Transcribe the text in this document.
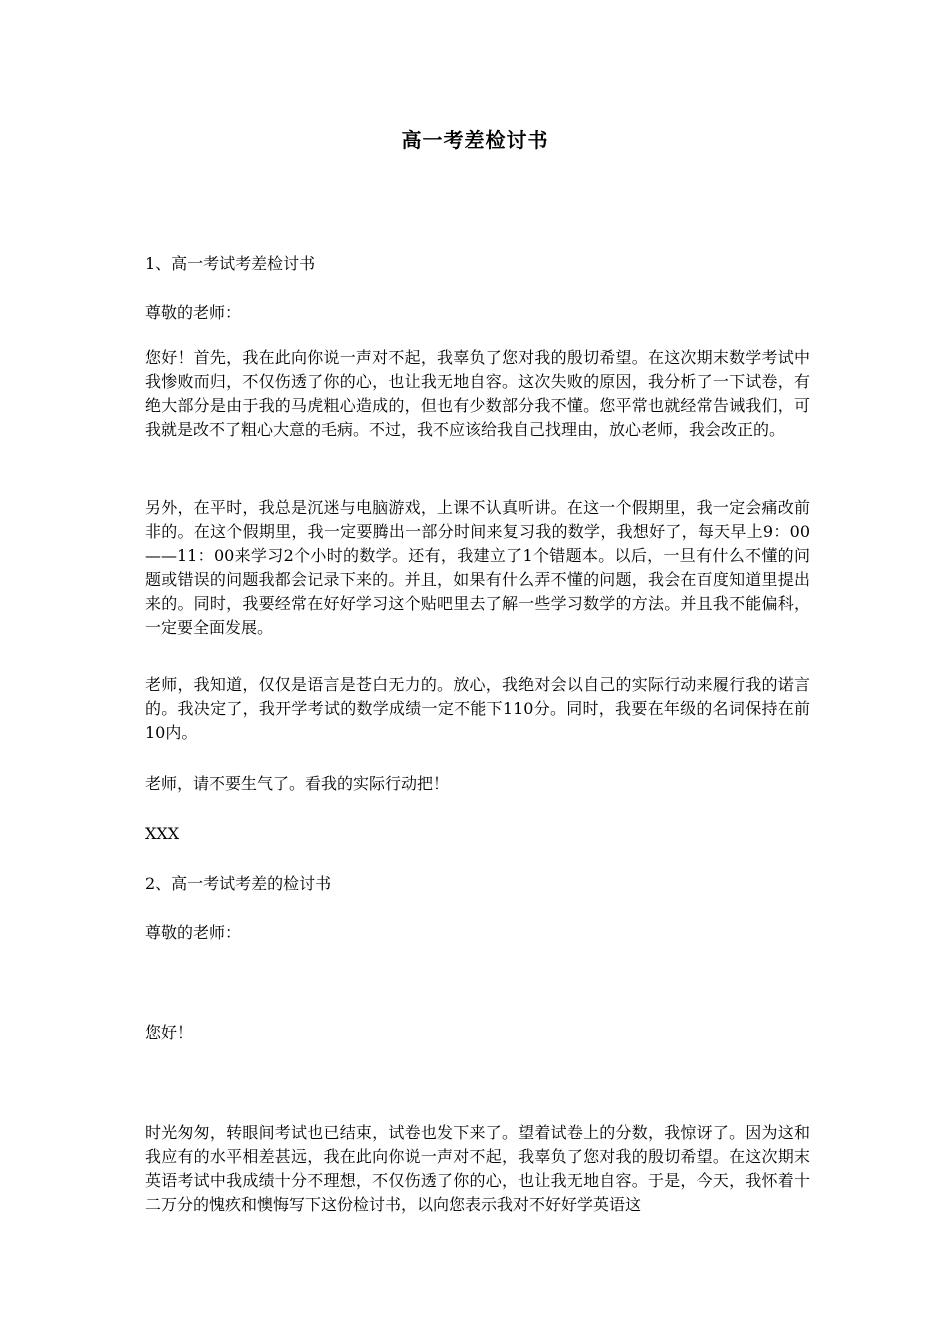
高一考差检讨书

1、高一考试考差检讨书

尊敬的老师：

您好！首先，我在此向你说一声对不起，我辜负了您对我的殷切希望。在这次期末数学考试中我惨败而归，不仅伤透了你的心，也让我无地自容。这次失败的原因，我分析了一下试卷，有绝大部分是由于我的马虎粗心造成的，但也有少数部分我不懂。您平常也就经常告诫我们，可我就是改不了粗心大意的毛病。不过，我不应该给我自己找理由，放心老师，我会改正的。

另外，在平时，我总是沉迷与电脑游戏，上课不认真听讲。在这一个假期里，我一定会痛改前非的。在这个假期里，我一定要腾出一部分时间来复习我的数学，我想好了，每天早上9：00——11：00来学习2个小时的数学。还有，我建立了1个错题本。以后，一旦有什么不懂的问题或错误的问题我都会记录下来的。并且，如果有什么弄不懂的问题，我会在百度知道里提出来的。同时，我要经常在好好学习这个贴吧里去了解一些学习数学的方法。并且我不能偏科，一定要全面发展。

老师，我知道，仅仅是语言是苍白无力的。放心，我绝对会以自己的实际行动来履行我的诺言的。我决定了，我开学考试的数学成绩一定不能下110分。同时，我要在年级的名词保持在前10内。

老师，请不要生气了。看我的实际行动把！

XXX

2、高一考试考差的检讨书

尊敬的老师：

您好！

时光匆匆，转眼间考试也已结束，试卷也发下来了。望着试卷上的分数，我惊讶了。因为这和我应有的水平相差甚远，我在此向你说一声对不起，我辜负了您对我的殷切希望。在这次期末英语考试中我成绩十分不理想，不仅伤透了你的心，也让我无地自容。于是，今天，我怀着十二万分的愧疚和懊悔写下这份检讨书，以向您表示我对不好好学英语这
